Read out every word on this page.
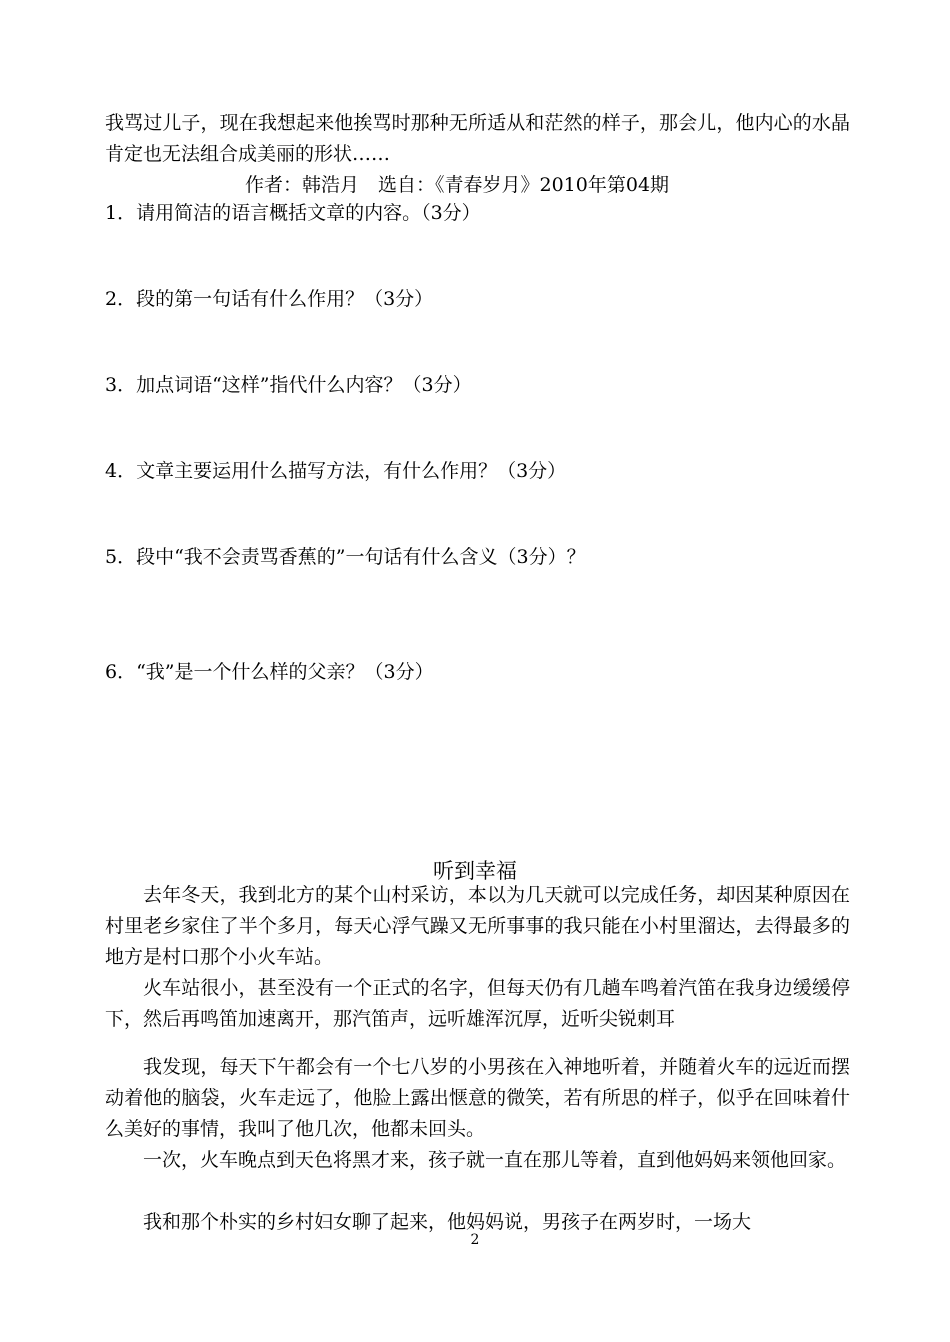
我骂过儿子，现在我想起来他挨骂时那种无所适从和茫然的样子，那会儿，他内心的水晶肯定也无法组合成美丽的形状……
作者：韩浩月　选自：《青春岁月》2010年第04期
1．请用简洁的语言概括文章的内容。（3分）
2．段的第一句话有什么作用？（3分）
3．加点词语“这样”指代什么内容？（3分）
4．文章主要运用什么描写方法，有什么作用？（3分）
5．段中“我不会责骂香蕉的”一句话有什么含义（3分）？
6．“我”是一个什么样的父亲？（3分）
听到幸福
去年冬天，我到北方的某个山村采访，本以为几天就可以完成任务，却因某种原因在村里老乡家住了半个多月，每天心浮气躁又无所事事的我只能在小村里溜达，去得最多的地方是村口那个小火车站。
火车站很小，甚至没有一个正式的名字，但每天仍有几趟车鸣着汽笛在我身边缓缓停下，然后再鸣笛加速离开，那汽笛声，远听雄浑沉厚，近听尖锐刺耳
我发现，每天下午都会有一个七八岁的小男孩在入神地听着，并随着火车的远近而摆动着他的脑袋，火车走远了，他脸上露出惬意的微笑，若有所思的样子，似乎在回味着什么美好的事情，我叫了他几次，他都未回头。
一次，火车晚点到天色将黑才来，孩子就一直在那儿等着，直到他妈妈来领他回家。
我和那个朴实的乡村妇女聊了起来，他妈妈说，男孩子在两岁时，一场大
2
